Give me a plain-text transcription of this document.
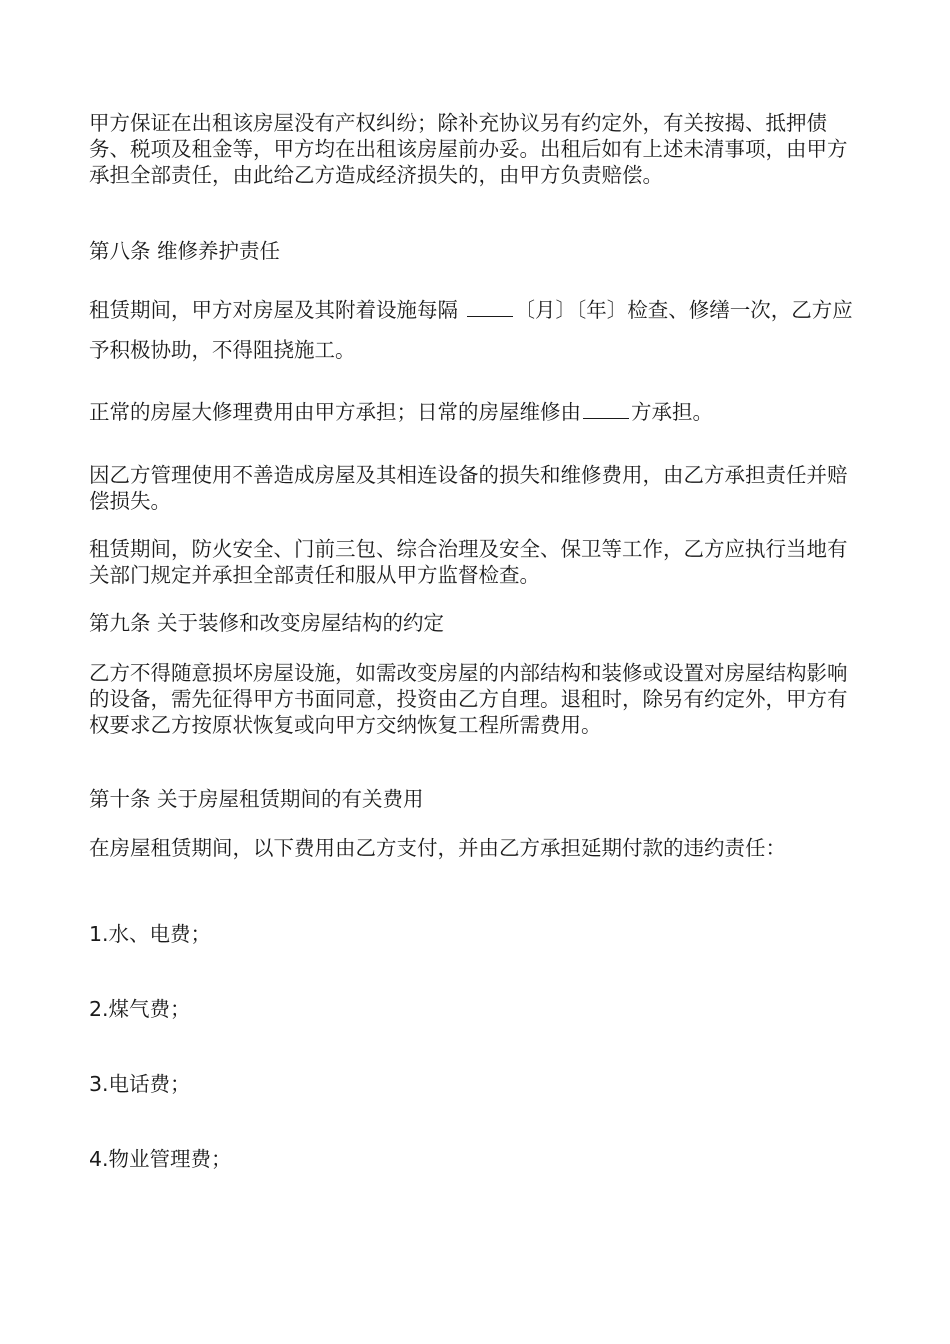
甲方保证在出租该房屋没有产权纠纷；除补充协议另有约定外，有关按揭、抵押债务、税项及租金等，甲方均在出租该房屋前办妥。出租后如有上述未清事项，由甲方承担全部责任，由此给乙方造成经济损失的，由甲方负责赔偿。

第八条 维修养护责任

租赁期间，甲方对房屋及其附着设施每隔 〔月〕〔年〕检查、修缮一次，乙方应予积极协助，不得阻挠施工。

正常的房屋大修理费用由甲方承担；日常的房屋维修由 方承担。

因乙方管理使用不善造成房屋及其相连设备的损失和维修费用，由乙方承担责任并赔偿损失。

租赁期间，防火安全、门前三包、综合治理及安全、保卫等工作，乙方应执行当地有关部门规定并承担全部责任和服从甲方监督检查。

第九条 关于装修和改变房屋结构的约定

乙方不得随意损坏房屋设施，如需改变房屋的内部结构和装修或设置对房屋结构影响的设备，需先征得甲方书面同意，投资由乙方自理。退租时，除另有约定外，甲方有权要求乙方按原状恢复或向甲方交纳恢复工程所需费用。

第十条 关于房屋租赁期间的有关费用

在房屋租赁期间，以下费用由乙方支付，并由乙方承担延期付款的违约责任：

1.水、电费；

2.煤气费；

3.电话费；

4.物业管理费；
